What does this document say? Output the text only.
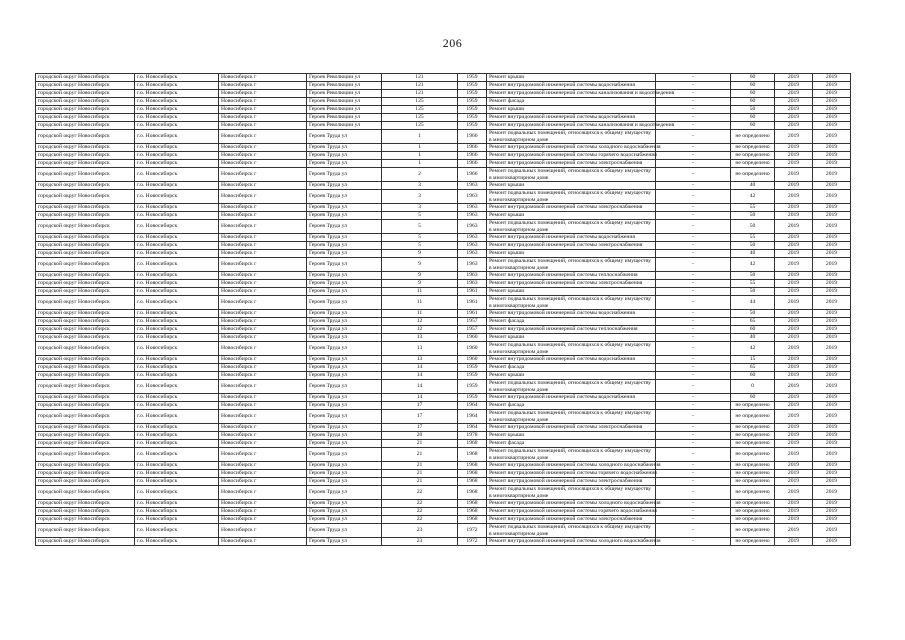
206
городской округ Новосибирск	г.о. Новосибирск	Новосибирск г	Героев Революции ул	121	1959	Ремонт крыши	-	60	2019	2019
городской округ Новосибирск	г.о. Новосибирск	Новосибирск г	Героев Революции ул	121	1959	Ремонт внутридомовой инженерной системы водоснабжения	-	60	2019	2019
городской округ Новосибирск	г.о. Новосибирск	Новосибирск г	Героев Революции ул	121	1959	Ремонт внутридомовой инженерной системы канализования и водоотведения	-	60	2019	2019
городской округ Новосибирск	г.о. Новосибирск	Новосибирск г	Героев Революции ул	125	1959	Ремонт фасада	-	60	2019	2019
городской округ Новосибирск	г.о. Новосибирск	Новосибирск г	Героев Революции ул	125	1959	Ремонт крыши	-	50	2019	2019
городской округ Новосибирск	г.о. Новосибирск	Новосибирск г	Героев Революции ул	125	1959	Ремонт внутридомовой инженерной системы водоснабжения	-	60	2019	2019
городской округ Новосибирск	г.о. Новосибирск	Новосибирск г	Героев Революции ул	125	1959	Ремонт внутридомовой инженерной системы канализования и водоотведения	-	60	2019	2019
городской округ Новосибирск	г.о. Новосибирск	Новосибирск г	Героев Труда ул	1	1966	Ремонт подвальных помещений, относящихся к общему имуществу в многоквартирном доме	-	не определено	2019	2019
городской округ Новосибирск	г.о. Новосибирск	Новосибирск г	Героев Труда ул	1	1966	Ремонт внутридомовой инженерной системы холодного водоснабжения	-	не определено	2019	2019
городской округ Новосибирск	г.о. Новосибирск	Новосибирск г	Героев Труда ул	1	1966	Ремонт внутридомовой инженерной системы горячего водоснабжения	-	не определено	2019	2019
городской округ Новосибирск	г.о. Новосибирск	Новосибирск г	Героев Труда ул	1	1966	Ремонт внутридомовой инженерной системы электроснабжения	-	не определено	2019	2019
городской округ Новосибирск	г.о. Новосибирск	Новосибирск г	Героев Труда ул	2	1966	Ремонт подвальных помещений, относящихся к общему имуществу в многоквартирном доме	-	не определено	2019	2019
городской округ Новосибирск	г.о. Новосибирск	Новосибирск г	Героев Труда ул	3	1963	Ремонт крыши	-	40	2019	2019
городской округ Новосибирск	г.о. Новосибирск	Новосибирск г	Героев Труда ул	3	1963	Ремонт подвальных помещений, относящихся к общему имуществу в многоквартирном доме	-	42	2019	2019
городской округ Новосибирск	г.о. Новосибирск	Новосибирск г	Героев Труда ул	3	1963	Ремонт внутридомовой инженерной системы электроснабжения	-	55	2019	2019
городской округ Новосибирск	г.о. Новосибирск	Новосибирск г	Героев Труда ул	5	1963	Ремонт крыши	-	50	2019	2019
городской округ Новосибирск	г.о. Новосибирск	Новосибирск г	Героев Труда ул	5	1963	Ремонт подвальных помещений, относящихся к общему имуществу в многоквартирном доме	-	50	2019	2019
городской округ Новосибирск	г.о. Новосибирск	Новосибирск г	Героев Труда ул	5	1963	Ремонт внутридомовой инженерной системы водоснабжения	-	55	2019	2019
городской округ Новосибирск	г.о. Новосибирск	Новосибирск г	Героев Труда ул	5	1963	Ремонт внутридомовой инженерной системы электроснабжения	-	50	2019	2019
городской округ Новосибирск	г.о. Новосибирск	Новосибирск г	Героев Труда ул	9	1963	Ремонт крыши	-	40	2019	2019
городской округ Новосибирск	г.о. Новосибирск	Новосибирск г	Героев Труда ул	9	1963	Ремонт подвальных помещений, относящихся к общему имуществу в многоквартирном доме	-	42	2019	2019
городской округ Новосибирск	г.о. Новосибирск	Новосибирск г	Героев Труда ул	9	1963	Ремонт внутридомовой инженерной системы теплоснабжения	-	50	2019	2019
городской округ Новосибирск	г.о. Новосибирск	Новосибирск г	Героев Труда ул	9	1963	Ремонт внутридомовой инженерной системы электроснабжения	-	55	2019	2019
городской округ Новосибирск	г.о. Новосибирск	Новосибирск г	Героев Труда ул	11	1961	Ремонт крыши	-	50	2019	2019
городской округ Новосибирск	г.о. Новосибирск	Новосибирск г	Героев Труда ул	11	1961	Ремонт подвальных помещений, относящихся к общему имуществу в многоквартирном доме	-	44	2019	2019
городской округ Новосибирск	г.о. Новосибирск	Новосибирск г	Героев Труда ул	11	1961	Ремонт внутридомовой инженерной системы водоснабжения	-	50	2019	2019
городской округ Новосибирск	г.о. Новосибирск	Новосибирск г	Героев Труда ул	12	1957	Ремонт фасада	-	65	2019	2019
городской округ Новосибирск	г.о. Новосибирск	Новосибирск г	Героев Труда ул	12	1957	Ремонт внутридомовой инженерной системы теплоснабжения	-	60	2019	2019
городской округ Новосибирск	г.о. Новосибирск	Новосибирск г	Героев Труда ул	13	1960	Ремонт крыши	-	40	2019	2019
городской округ Новосибирск	г.о. Новосибирск	Новосибирск г	Героев Труда ул	13	1960	Ремонт подвальных помещений, относящихся к общему имуществу в многоквартирном доме	-	42	2019	2019
городской округ Новосибирск	г.о. Новосибирск	Новосибирск г	Героев Труда ул	13	1960	Ремонт внутридомовой инженерной системы водоснабжения	-	15	2019	2019
городской округ Новосибирск	г.о. Новосибирск	Новосибирск г	Героев Труда ул	14	1959	Ремонт фасада	-	65	2019	2019
городской округ Новосибирск	г.о. Новосибирск	Новосибирск г	Героев Труда ул	14	1959	Ремонт крыши	-	60	2019	2019
городской округ Новосибирск	г.о. Новосибирск	Новосибирск г	Героев Труда ул	14	1959	Ремонт подвальных помещений, относящихся к общему имуществу в многоквартирном доме	-	0	2019	2019
городской округ Новосибирск	г.о. Новосибирск	Новосибирск г	Героев Труда ул	14	1959	Ремонт внутридомовой инженерной системы водоснабжения	-	60	2019	2019
городской округ Новосибирск	г.о. Новосибирск	Новосибирск г	Героев Труда ул	17	1964	Ремонт фасада	-	не определено	2019	2019
городской округ Новосибирск	г.о. Новосибирск	Новосибирск г	Героев Труда ул	17	1964	Ремонт подвальных помещений, относящихся к общему имуществу в многоквартирном доме	-	не определено	2019	2019
городской округ Новосибирск	г.о. Новосибирск	Новосибирск г	Героев Труда ул	17	1964	Ремонт внутридомовой инженерной системы электроснабжения	-	не определено	2019	2019
городской округ Новосибирск	г.о. Новосибирск	Новосибирск г	Героев Труда ул	20	1978	Ремонт крыши	-	не определено	2019	2019
городской округ Новосибирск	г.о. Новосибирск	Новосибирск г	Героев Труда ул	21	1968	Ремонт фасада	-	не определено	2019	2019
городской округ Новосибирск	г.о. Новосибирск	Новосибирск г	Героев Труда ул	21	1968	Ремонт подвальных помещений, относящихся к общему имуществу в многоквартирном доме	-	не определено	2019	2019
городской округ Новосибирск	г.о. Новосибирск	Новосибирск г	Героев Труда ул	21	1968	Ремонт внутридомовой инженерной системы холодного водоснабжения	-	не определено	2019	2019
городской округ Новосибирск	г.о. Новосибирск	Новосибирск г	Героев Труда ул	21	1968	Ремонт внутридомовой инженерной системы горячего водоснабжения	-	не определено	2019	2019
городской округ Новосибирск	г.о. Новосибирск	Новосибирск г	Героев Труда ул	21	1968	Ремонт внутридомовой инженерной системы электроснабжения	-	не определено	2019	2019
городской округ Новосибирск	г.о. Новосибирск	Новосибирск г	Героев Труда ул	22	1968	Ремонт подвальных помещений, относящихся к общему имуществу в многоквартирном доме	-	не определено	2019	2019
городской округ Новосибирск	г.о. Новосибирск	Новосибирск г	Героев Труда ул	22	1968	Ремонт внутридомовой инженерной системы холодного водоснабжения	-	не определено	2019	2019
городской округ Новосибирск	г.о. Новосибирск	Новосибирск г	Героев Труда ул	22	1968	Ремонт внутридомовой инженерной системы горячего водоснабжения	-	не определено	2019	2019
городской округ Новосибирск	г.о. Новосибирск	Новосибирск г	Героев Труда ул	22	1968	Ремонт внутридомовой инженерной системы электроснабжения	-	не определено	2019	2019
городской округ Новосибирск	г.о. Новосибирск	Новосибирск г	Героев Труда ул	23	1972	Ремонт подвальных помещений, относящихся к общему имуществу в многоквартирном доме	-	не определено	2019	2019
городской округ Новосибирск	г.о. Новосибирск	Новосибирск г	Героев Труда ул	23	1972	Ремонт внутридомовой инженерной системы холодного водоснабжения	-	не определено	2019	2019
